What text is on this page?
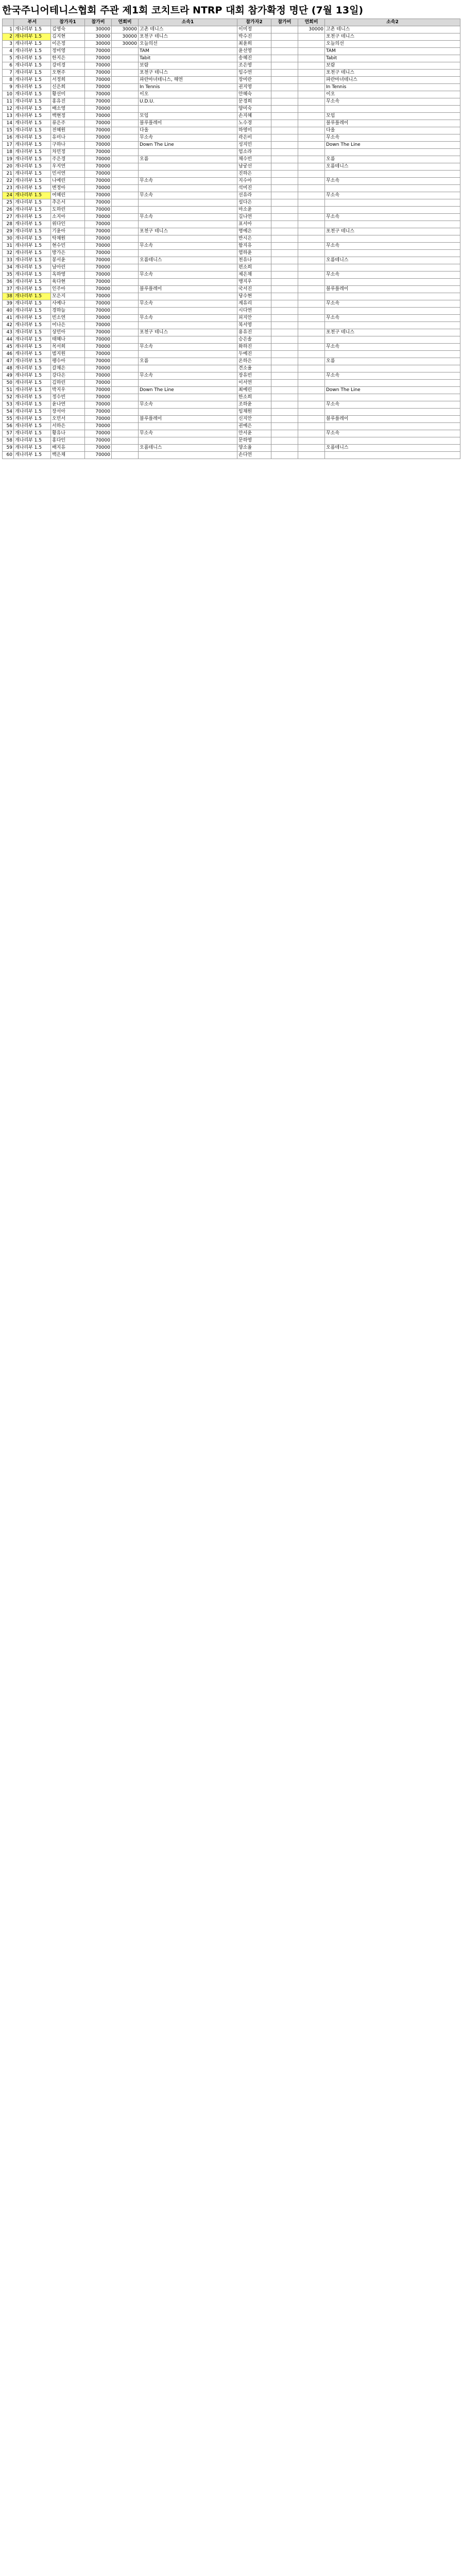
한국주니어테니스협회 주관 제1회 코치트라 NTRP 대회 참가확정 명단 (7월 13일)
	부서	참가자1	참가비	연회비	소속1	참가자2	참가비	연회비	소속2
1	개나리부 1.5	김영숙	30000	30000	고촌 테니스	이미정		30000	고촌 테니스
2	개나리부 1.5	김지현	30000	30000	포천구 테니스	박수진			포천구 테니스
3	개나리부 1.5	이은정	30000	30000	오늘의선	최윤희			오늘의선
4	개나리부 1.5	정미영	70000		TAM	윤선영			TAM
5	개나리부 1.5	한지은	70000		Tabit	송혜진			Tabit
6	개나리부 1.5	강미경	70000		보람	조은영			보람
7	개나리부 1.5	오현주	70000		포천구 테니스	임수연			포천구 테니스
8	개나리부 1.5	서정희	70000		파란마녀테니스, 해연	장미란			파란마녀테니스
9	개나리부 1.5	신은희	70000		In Tennis	권지영			In Tennis
10	개나리부 1.5	황선미	70000		이오	안혜숙			이오
11	개나리부 1.5	홍유진	70000		U.D.U.	문경희			무소속
12	개나리부 1.5	배소영	70000			양미숙			
13	개나리부 1.5	백현정	70000		모임	손지혜			모임
14	개나리부 1.5	류은주	70000		블루플레이	노수경			블루플레이
15	개나리부 1.5	전혜원	70000		다올	하영미			다올
16	개나리부 1.5	유미나	70000		무소속	곽은비			무소속
17	개나리부 1.5	구하나	70000		Down The Line	성지민			Down The Line
18	개나리부 1.5	차민정	70000			엄소라			
19	개나리부 1.5	주은경	70000		오름	채수빈			오름
20	개나리부 1.5	우지연	70000			남궁선			오름테니스
21	개나리부 1.5	민서연	70000			진하은			
22	개나리부 1.5	나예린	70000		무소속	지수아			무소속
23	개나리부 1.5	변정아	70000			석미진			
24	개나리부 1.5	여혜린	70000		무소속	선유라			무소속
25	개나리부 1.5	추은서	70000			설다은			
26	개나리부 1.5	도하린	70000			마소윤			
27	개나리부 1.5	소지아	70000		무소속	길나연			무소속
28	개나리부 1.5	위다인	70000			표서아			
29	개나리부 1.5	기윤아	70000		포천구 테니스	명예은			포천구 테니스
30	개나리부 1.5	탁채원	70000			반시은			
31	개나리부 1.5	현수민	70000		무소속	함지유			무소속
32	개나리부 1.5	방가은	70000			염하윤			
33	개나리부 1.5	봉서윤	70000		오름테니스	천유나			오름테니스
34	개나리부 1.5	남아린	70000			편소희			
35	개나리부 1.5	옥하영	70000		무소속	제은채			무소속
36	개나리부 1.5	육다현	70000			맹지우			
37	개나리부 1.5	인주아	70000		블루플레이	국서진			블루플레이
38	개나리부 1.5	모은지	70000			당수현			
39	개나리부 1.5	사예나	70000		무소속	계유리			무소속
40	개나리부 1.5	경하늘	70000			시다연			
41	개나리부 1.5	빈소연	70000		무소속	피지안			무소속
42	개나리부 1.5	어나은	70000			복서영			
43	개나리부 1.5	상민아	70000		포천구 테니스	용유진			포천구 테니스
44	개나리부 1.5	태혜나	70000			승은솔			
45	개나리부 1.5	목서희	70000		무소속	화하진			무소속
46	개나리부 1.5	범지원	70000			두예진			
47	개나리부 1.5	팽수아	70000		오름	온하은			오름
48	개나리부 1.5	갈채은	70000			견소율			
49	개나리부 1.5	강다은	70000		무소속	장유빈			무소속
50	개나리부 1.5	김하린	70000			이서연			
51	개나리부 1.5	박지우	70000		Down The Line	최예린			Down The Line
52	개나리부 1.5	정수빈	70000			한소희			
53	개나리부 1.5	윤나연	70000		무소속	조하윤			무소속
54	개나리부 1.5	장서아	70000			임채원			
55	개나리부 1.5	오민서	70000		블루플레이	신지안			블루플레이
56	개나리부 1.5	서하은	70000			권예은			
57	개나리부 1.5	황유나	70000		무소속	안서윤			무소속
58	개나리부 1.5	홍다인	70000			문하영			
59	개나리부 1.5	배지유	70000		오름테니스	양소율			오름테니스
60	개나리부 1.5	백은채	70000			손다연			
